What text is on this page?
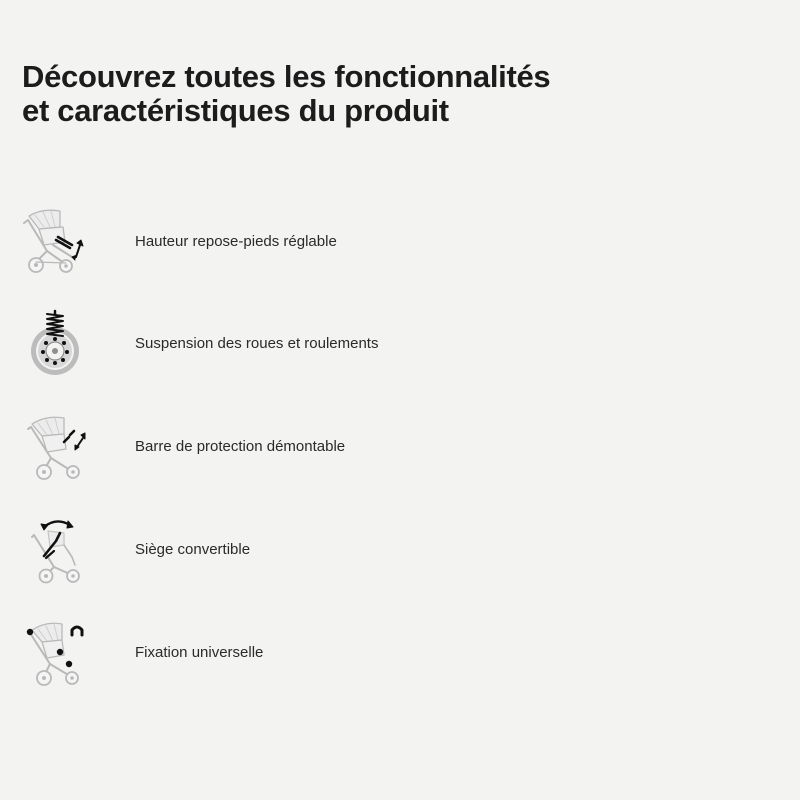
Découvrez toutes les fonctionnalités
et caractéristiques du produit
Hauteur repose-pieds réglable
Suspension des roues et roulements
Barre de protection démontable
Siège convertible
Fixation universelle
